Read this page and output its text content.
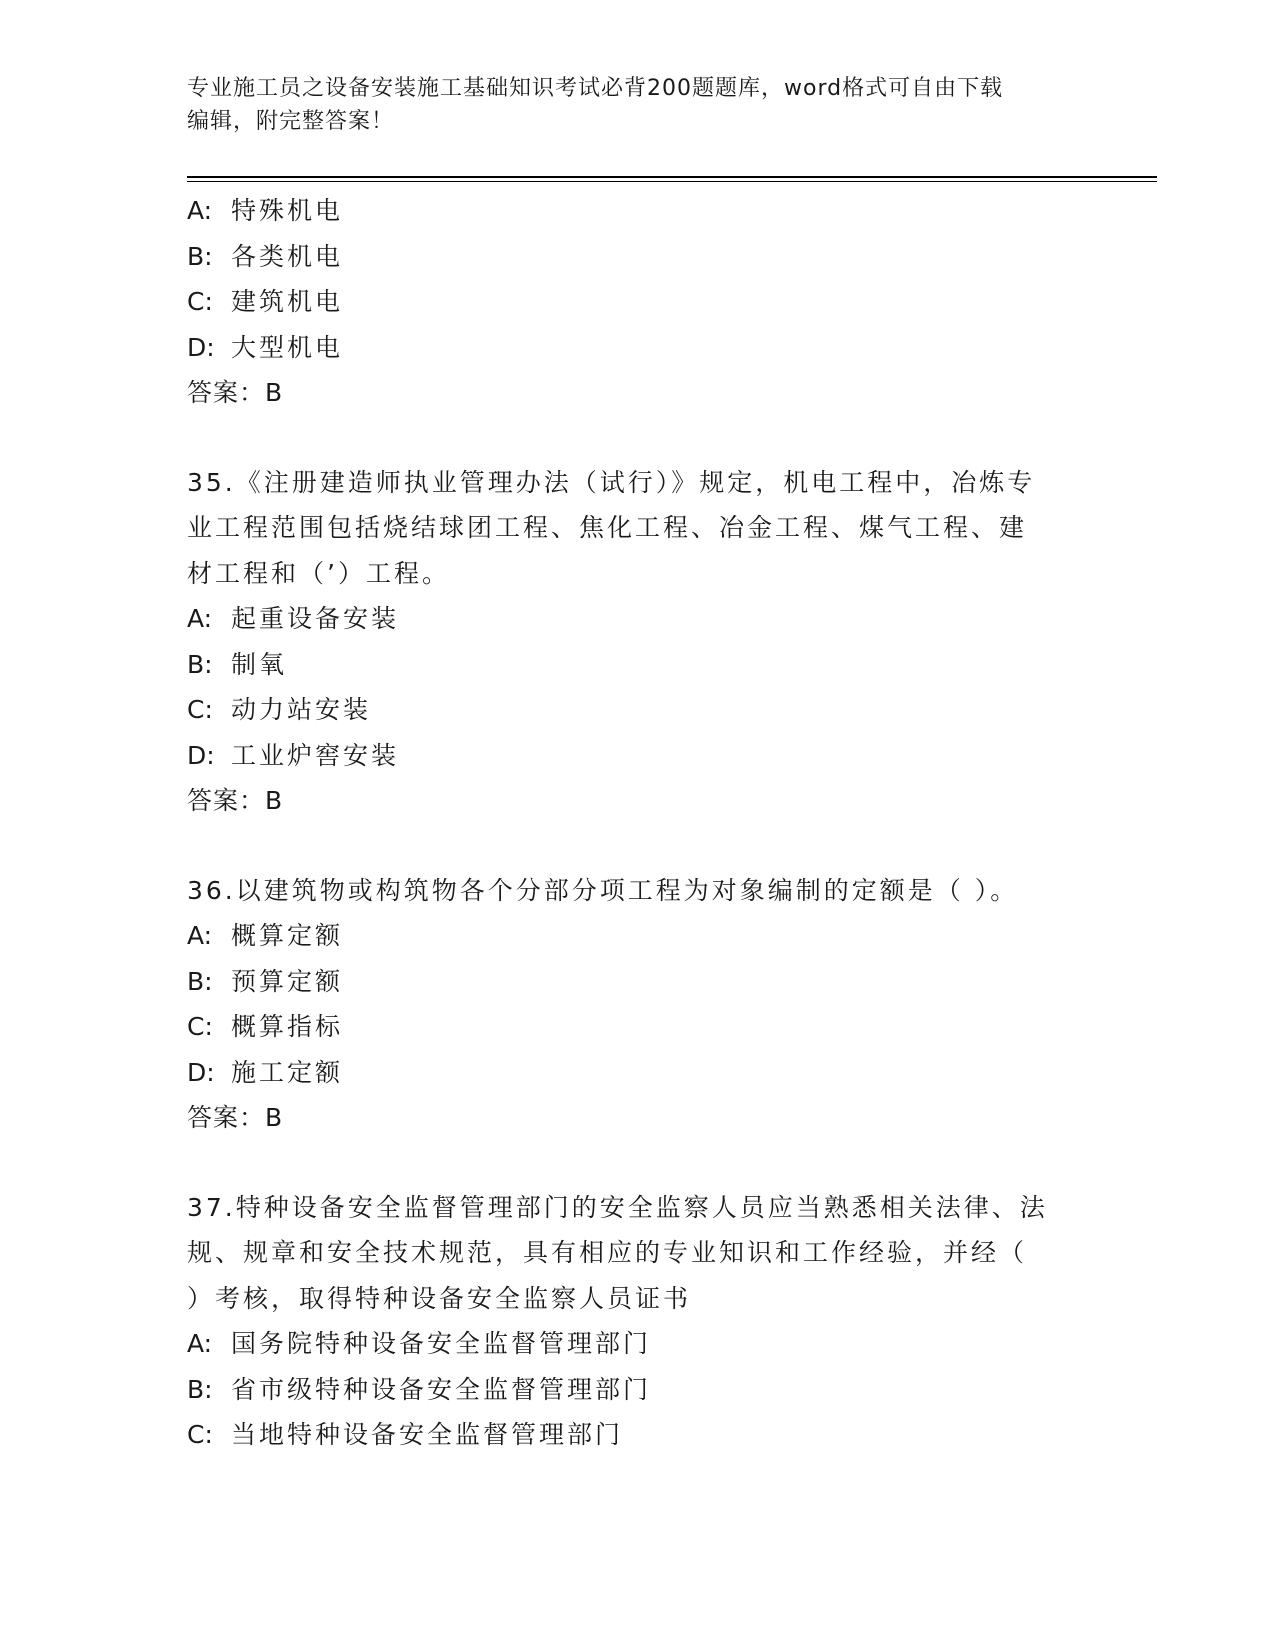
专业施工员之设备安装施工基础知识考试必背200题题库，word格式可自由下载
编辑，附完整答案！
A: 特殊机电
B: 各类机电
C: 建筑机电
D: 大型机电
答案：B
35.《注册建造师执业管理办法（试行）》规定，机电工程中，冶炼专
业工程范围包括烧结球团工程、焦化工程、冶金工程、煤气工程、建
材工程和（’）工程。
A: 起重设备安装
B: 制氧
C: 动力站安装
D: 工业炉窖安装
答案：B
36.以建筑物或构筑物各个分部分项工程为对象编制的定额是（ ）。
A: 概算定额
B: 预算定额
C: 概算指标
D: 施工定额
答案：B
37.特种设备安全监督管理部门的安全监察人员应当熟悉相关法律、法
规、规章和安全技术规范，具有相应的专业知识和工作经验，并经（
）考核，取得特种设备安全监察人员证书
A: 国务院特种设备安全监督管理部门
B: 省市级特种设备安全监督管理部门
C: 当地特种设备安全监督管理部门
